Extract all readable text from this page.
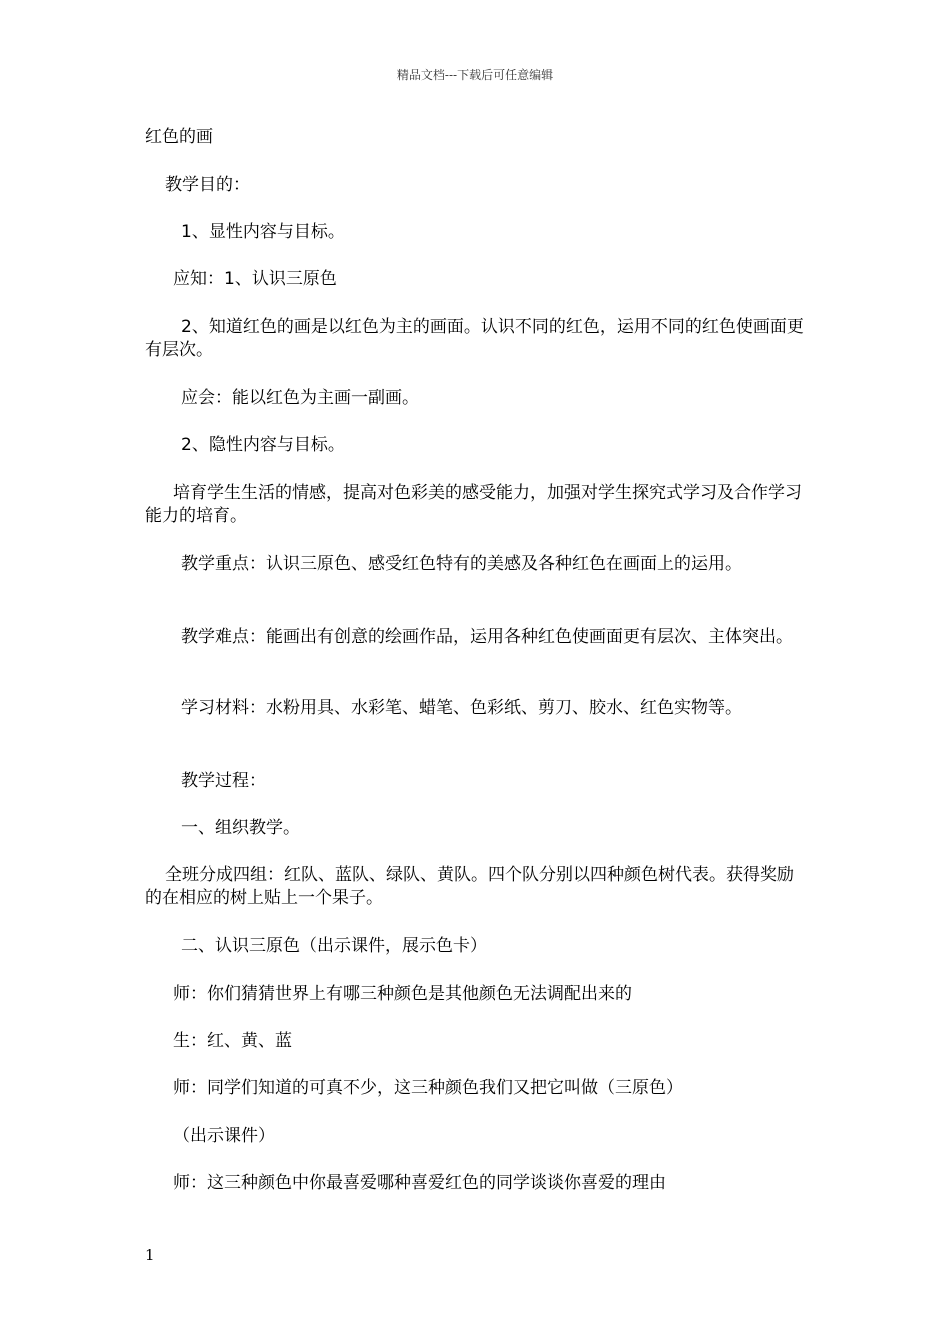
精品文档---下载后可任意编辑
红色的画
教学目的：
1、显性内容与目标。
应知：1、认识三原色
2、知道红色的画是以红色为主的画面。认识不同的红色，运用不同的红色使画面更有层次。
应会：能以红色为主画一副画。
2、隐性内容与目标。
培育学生生活的情感，提高对色彩美的感受能力，加强对学生探究式学习及合作学习能力的培育。
教学重点：认识三原色、感受红色特有的美感及各种红色在画面上的运用。
教学难点：能画出有创意的绘画作品，运用各种红色使画面更有层次、主体突出。
学习材料：水粉用具、水彩笔、蜡笔、色彩纸、剪刀、胶水、红色实物等。
教学过程：
一、组织教学。
全班分成四组：红队、蓝队、绿队、黄队。四个队分别以四种颜色树代表。获得奖励的在相应的树上贴上一个果子。
二、认识三原色（出示课件，展示色卡）
师：你们猜猜世界上有哪三种颜色是其他颜色无法调配出来的
生：红、黄、蓝
师：同学们知道的可真不少，这三种颜色我们又把它叫做（三原色）
（出示课件）
师：这三种颜色中你最喜爱哪种喜爱红色的同学谈谈你喜爱的理由
1
